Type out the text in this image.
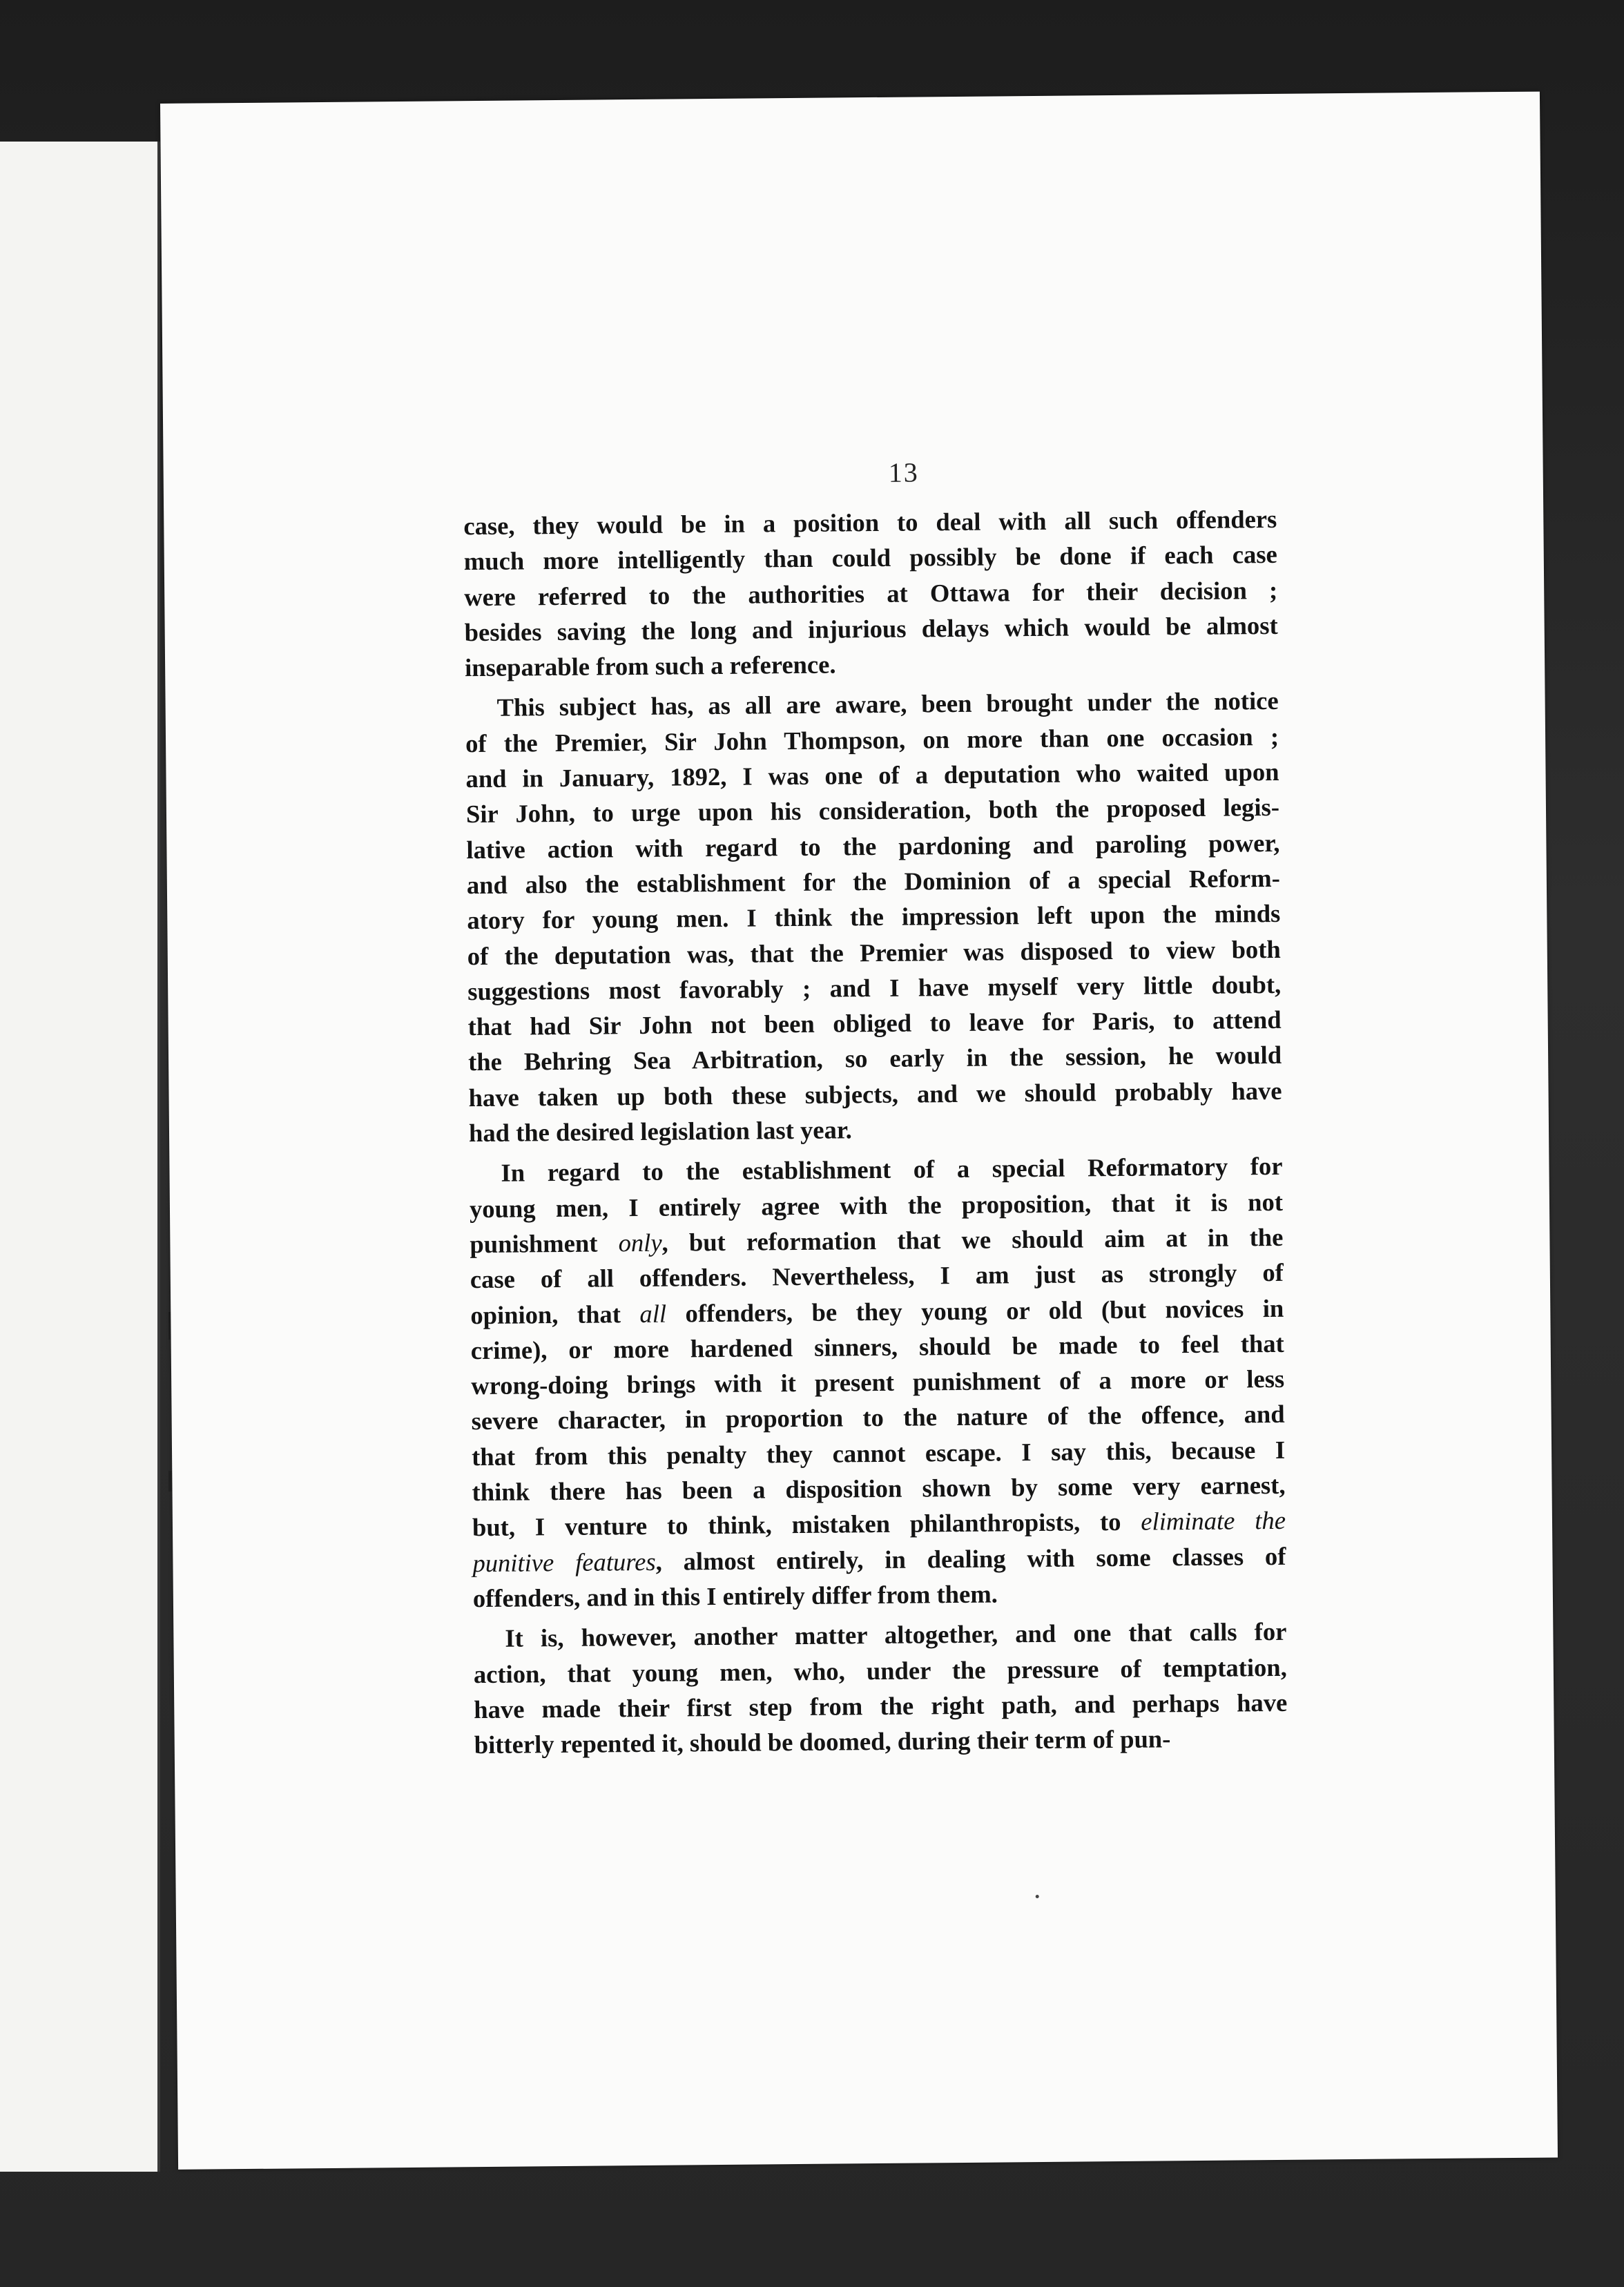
13
case, they would be in a position to deal with all such offenders
much more intelligently than could possibly be done if each case
were referred to the authorities at Ottawa for their decision ;
besides saving the long and injurious delays which would be almost
inseparable from such a reference.
This subject has, as all are aware, been brought under the notice
of the Premier, Sir John Thompson, on more than one occasion ;
and in January, 1892, I was one of a deputation who waited upon
Sir John, to urge upon his consideration, both the proposed legis-
lative action with regard to the pardoning and paroling power,
and also the establishment for the Dominion of a special Reform-
atory for young men. I think the impression left upon the minds
of the deputation was, that the Premier was disposed to view both
suggestions most favorably ; and I have myself very little doubt,
that had Sir John not been obliged to leave for Paris, to attend
the Behring Sea Arbitration, so early in the session, he would
have taken up both these subjects, and we should probably have
had the desired legislation last year.
In regard to the establishment of a special Reformatory for
young men, I entirely agree with the proposition, that it is not
punishment only, but reformation that we should aim at in the
case of all offenders. Nevertheless, I am just as strongly of
opinion, that all offenders, be they young or old (but novices in
crime), or more hardened sinners, should be made to feel that
wrong-doing brings with it present punishment of a more or less
severe character, in proportion to the nature of the offence, and
that from this penalty they cannot escape. I say this, because I
think there has been a disposition shown by some very earnest,
but, I venture to think, mistaken philanthropists, to eliminate the
punitive features, almost entirely, in dealing with some classes of
offenders, and in this I entirely differ from them.
It is, however, another matter altogether, and one that calls for
action, that young men, who, under the pressure of temptation,
have made their first step from the right path, and perhaps have
bitterly repented it, should be doomed, during their term of pun-
